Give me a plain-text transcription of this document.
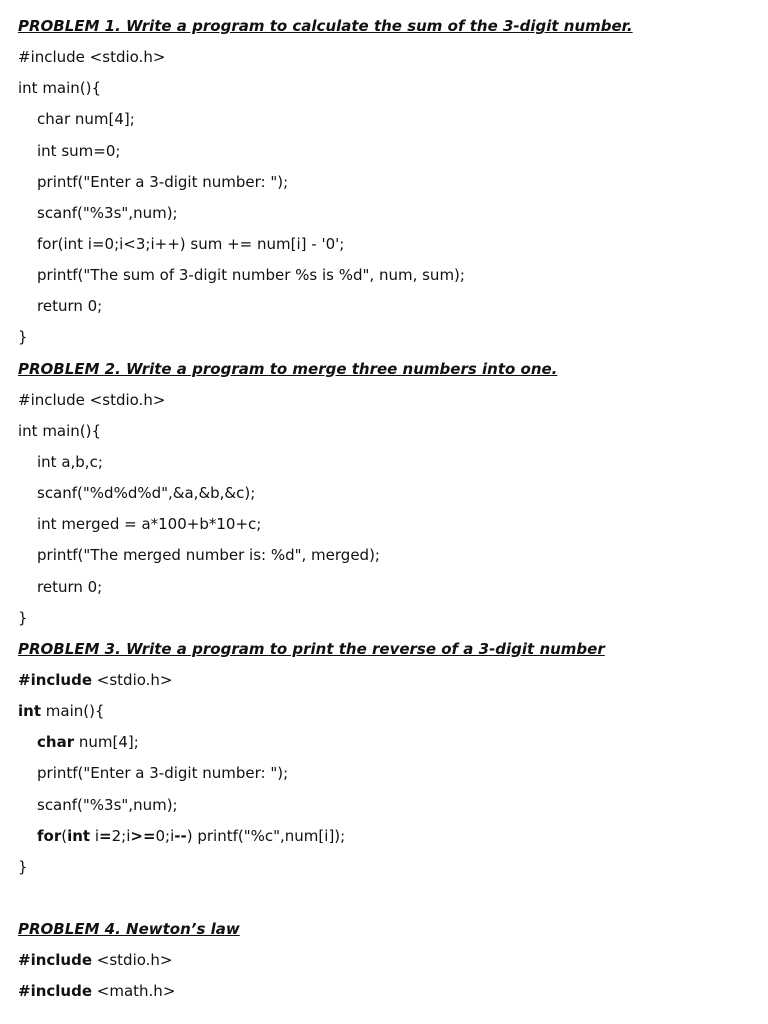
PROBLEM 1. Write a program to calculate the sum of the 3-digit number.
#include <stdio.h>
int main(){
char num[4];
int sum=0;
printf("Enter a 3-digit number: ");
scanf("%3s",num);
for(int i=0;i<3;i++) sum += num[i] - '0';
printf("The sum of 3-digit number %s is %d", num, sum);
return 0;
}
PROBLEM 2. Write a program to merge three numbers into one.
#include <stdio.h>
int main(){
int a,b,c;
scanf("%d%d%d",&a,&b,&c);
int merged = a*100+b*10+c;
printf("The merged number is: %d", merged);
return 0;
}
PROBLEM 3. Write a program to print the reverse of a 3-digit number
#include <stdio.h>
int main(){
char num[4];
printf("Enter a 3-digit number: ");
scanf("%3s",num);
for(int i=2;i>=0;i--) printf("%c",num[i]);
}
PROBLEM 4. Newton’s law
#include <stdio.h>
#include <math.h>
